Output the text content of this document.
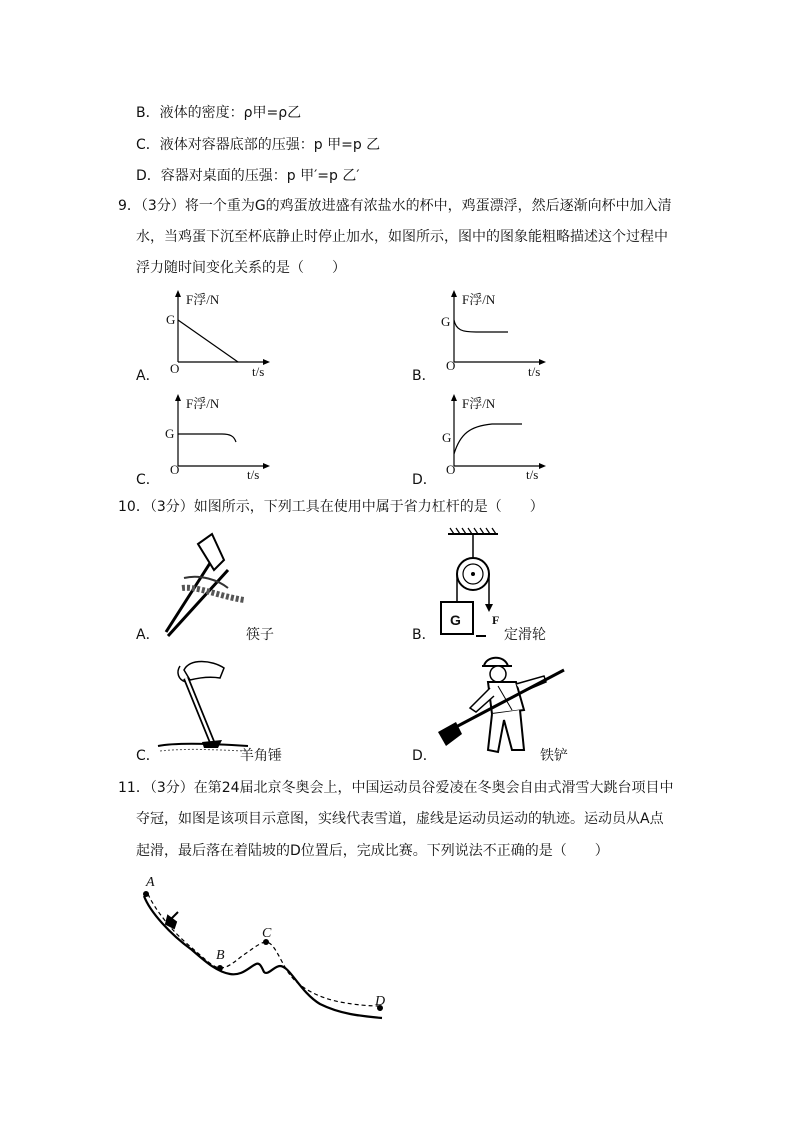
B．液体的密度：ρ甲=ρ乙
C．液体对容器底部的压强：p 甲=p 乙
D．容器对桌面的压强：p 甲′=p 乙′
9．（3分）将一个重为G的鸡蛋放进盛有浓盐水的杯中，鸡蛋漂浮，然后逐渐向杯中加入清
水，当鸡蛋下沉至杯底静止时停止加水，如图所示，图中的图象能粗略描述这个过程中
浮力随时间变化关系的是（　　）
A．
F浮/N
G
O	t/s	B．
F浮/N
G
O	t/s
C．
F浮/N
G
O	t/s	D．
F浮/N
G
O	t/s
10．（3分）如图所示，下列工具在使用中属于省力杠杆的是（　　）
A．	筷子	B．
G	F
定滑轮
C．	羊角锤	D．	铁铲
11．（3分）在第24届北京冬奥会上，中国运动员谷爱凌在冬奥会自由式滑雪大跳台项目中
夺冠，如图是该项目示意图，实线代表雪道，虚线是运动员运动的轨迹。运动员从A点
起滑，最后落在着陆坡的D位置后，完成比赛。下列说法不正确的是（　　）
A
B
C
D
